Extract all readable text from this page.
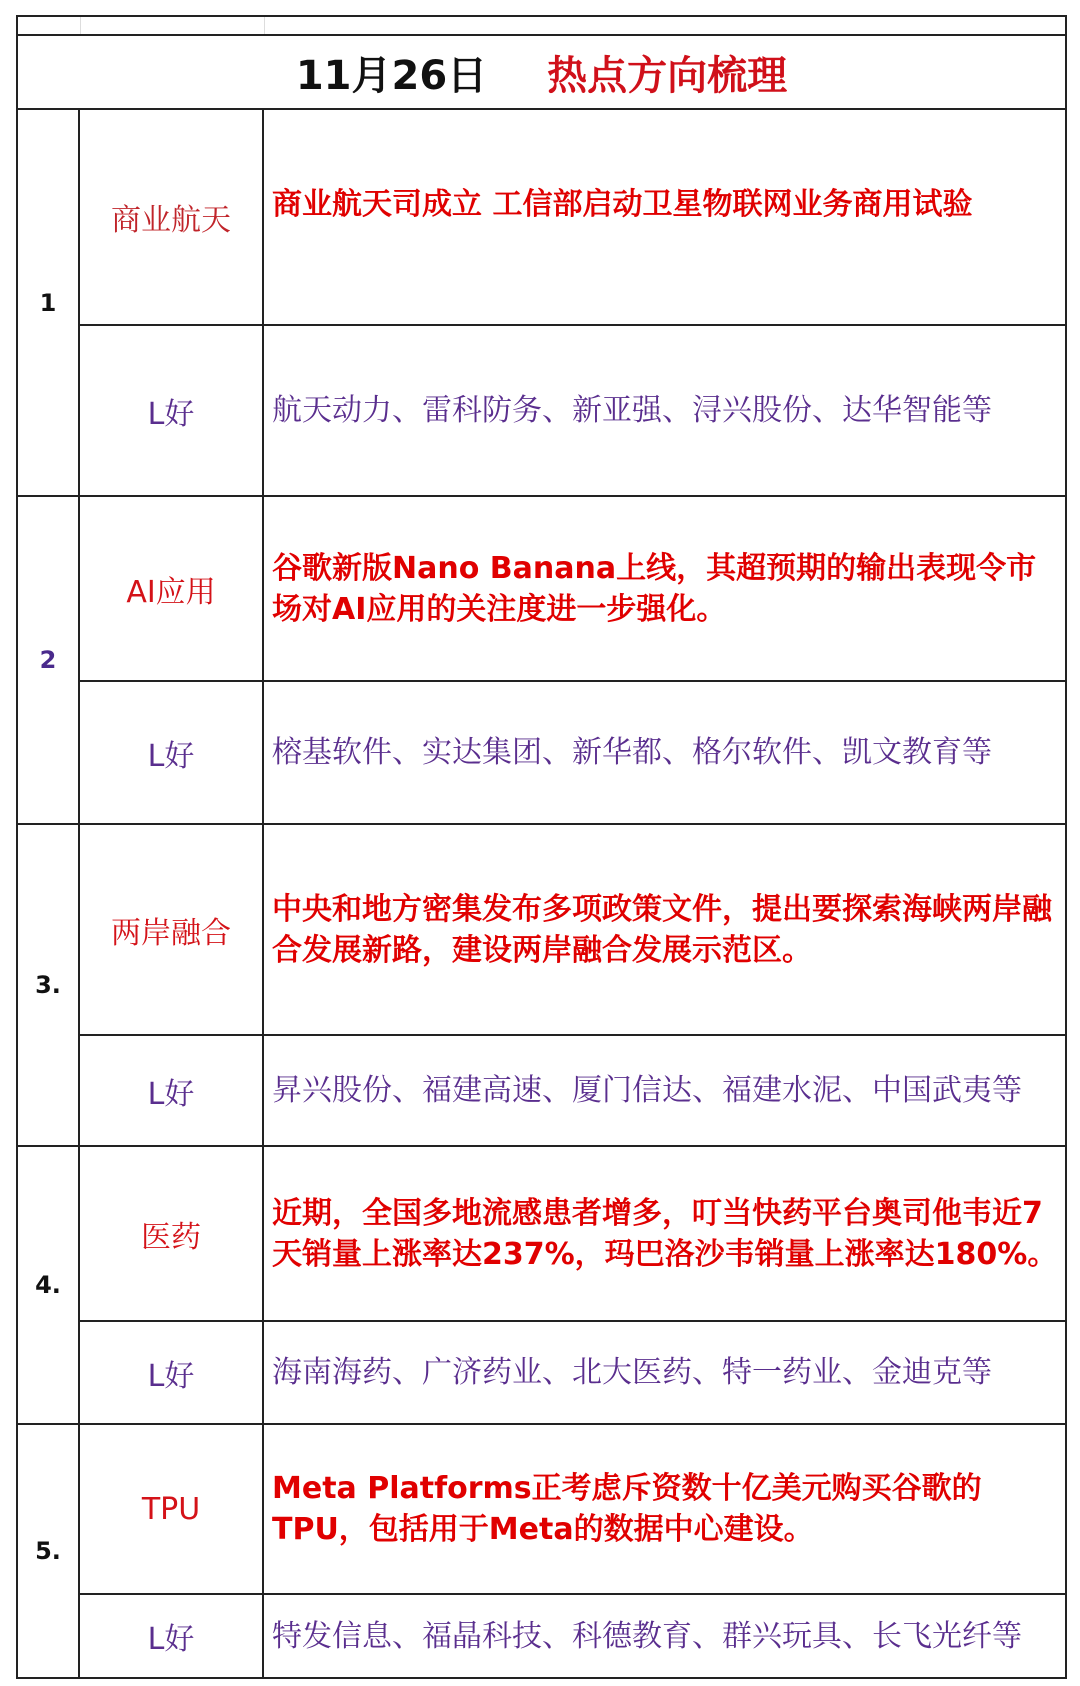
11月26日 热点方向梳理		
1	商业航天	商业航天司成立 工信部启动卫星物联网业务商用试验
	L好	航天动力、雷科防务、新亚强、浔兴股份、达华智能等
2	AI应用	谷歌新版Nano Banana上线，其超预期的输出表现令市场对AI应用的关注度进一步强化。
	L好	榕基软件、实达集团、新华都、格尔软件、凯文教育等
3.	两岸融合	中央和地方密集发布多项政策文件，提出要探索海峡两岸融合发展新路，建设两岸融合发展示范区。
	L好	昇兴股份、福建高速、厦门信达、福建水泥、中国武夷等
4.	医药	近期，全国多地流感患者增多，叮当快药平台奥司他韦近7天销量上涨率达237%，玛巴洛沙韦销量上涨率达180%。
	L好	海南海药、广济药业、北大医药、特一药业、金迪克等
5.	TPU	Meta Platforms正考虑斥资数十亿美元购买谷歌的TPU，包括用于Meta的数据中心建设。
	L好	特发信息、福晶科技、科德教育、群兴玩具、长飞光纤等
